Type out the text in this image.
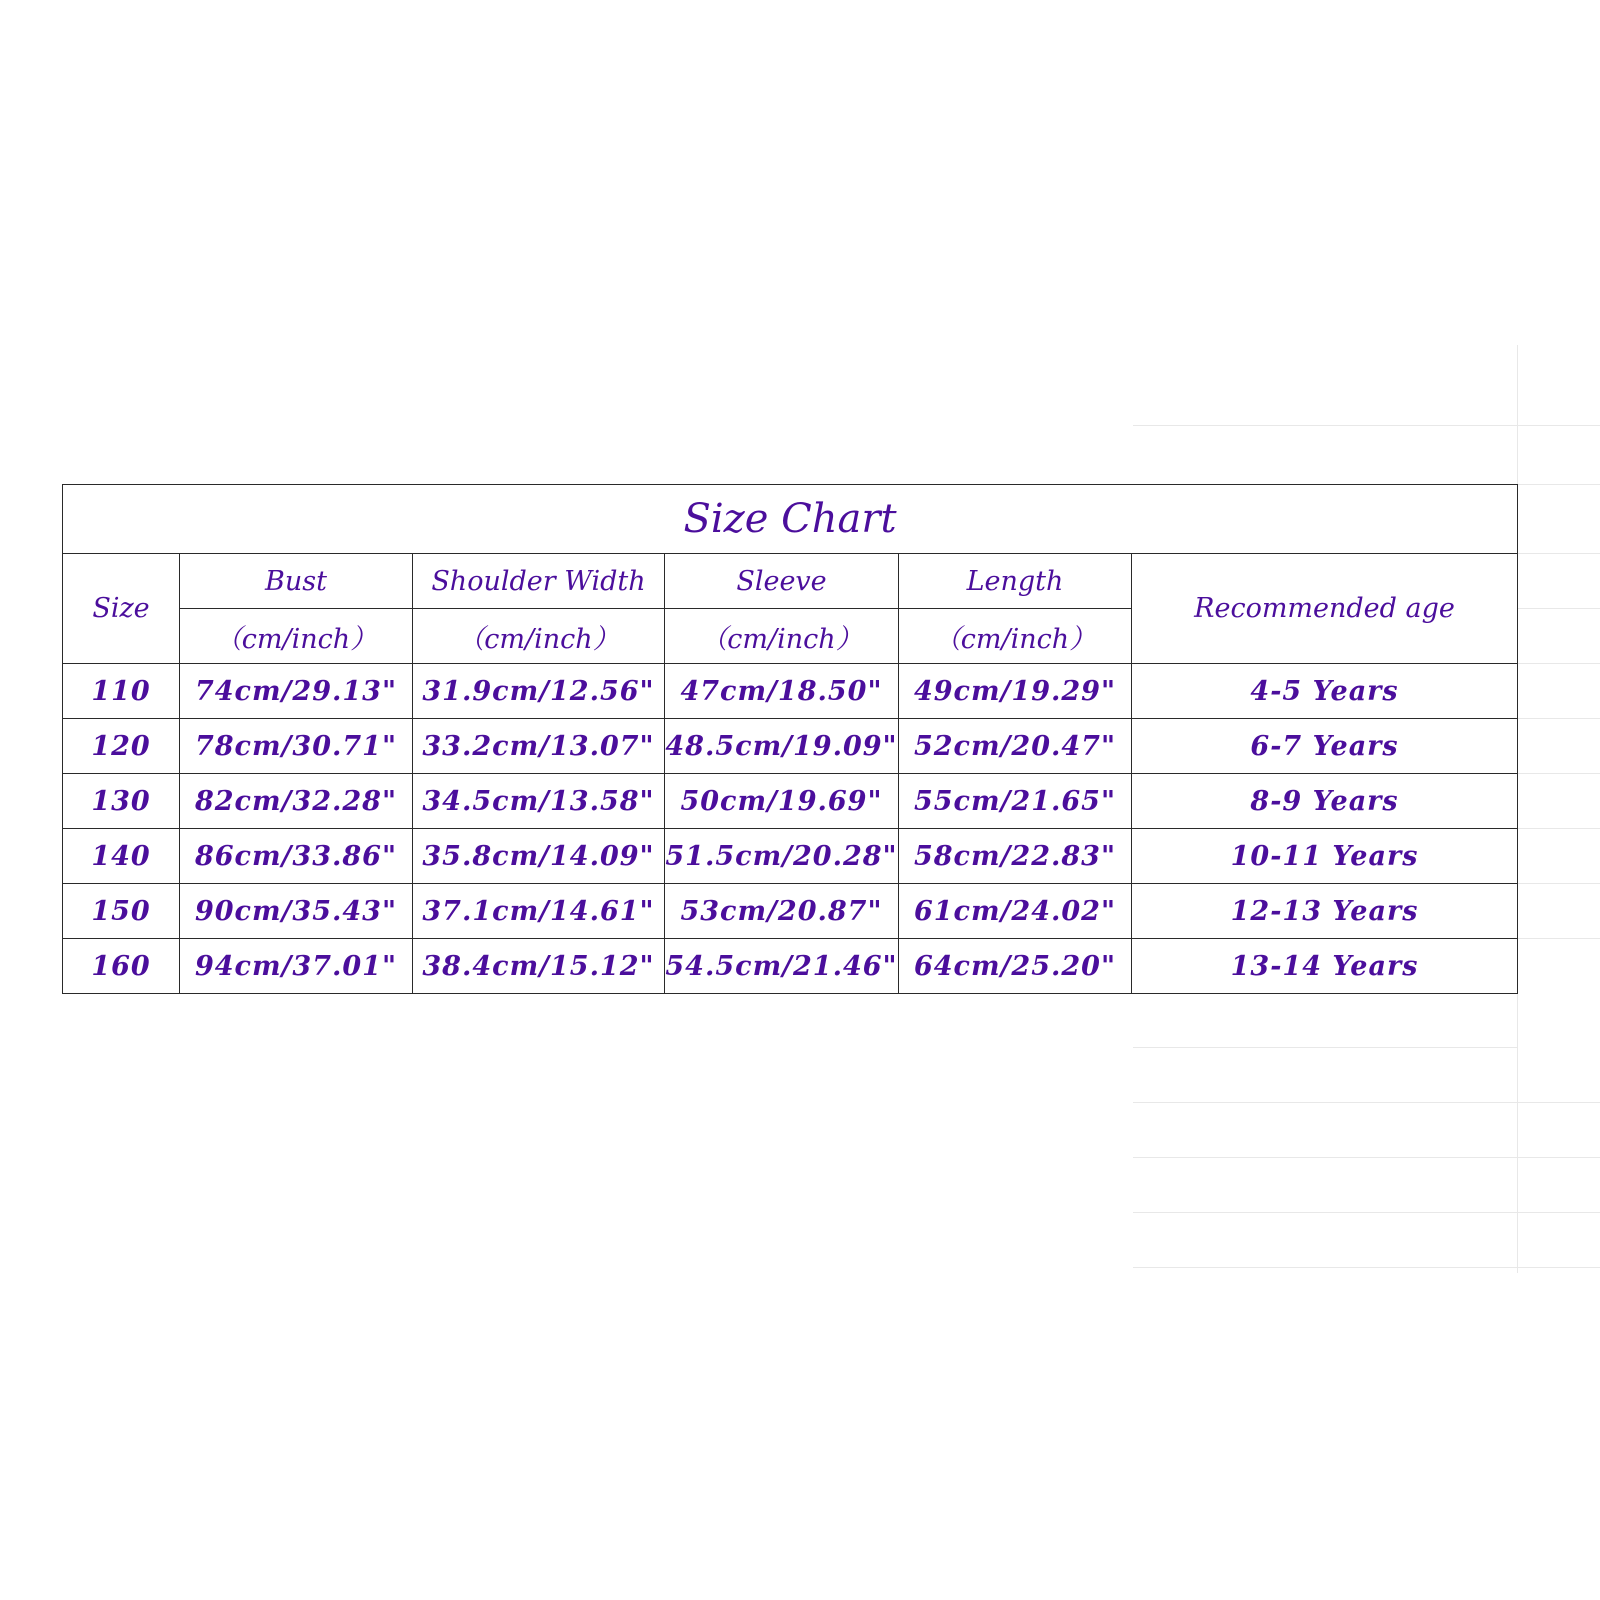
Size Chart					
Size	Bust	Shoulder Width	Sleeve	Length	Recommended age
	（cm/inch）	（cm/inch）	（cm/inch）	（cm/inch）	
110	74cm/29.13"	31.9cm/12.56"	47cm/18.50"	49cm/19.29"	4-5 Years
120	78cm/30.71"	33.2cm/13.07"	48.5cm/19.09"	52cm/20.47"	6-7 Years
130	82cm/32.28"	34.5cm/13.58"	50cm/19.69"	55cm/21.65"	8-9 Years
140	86cm/33.86"	35.8cm/14.09"	51.5cm/20.28"	58cm/22.83"	10-11 Years
150	90cm/35.43"	37.1cm/14.61"	53cm/20.87"	61cm/24.02"	12-13 Years
160	94cm/37.01"	38.4cm/15.12"	54.5cm/21.46"	64cm/25.20"	13-14 Years
